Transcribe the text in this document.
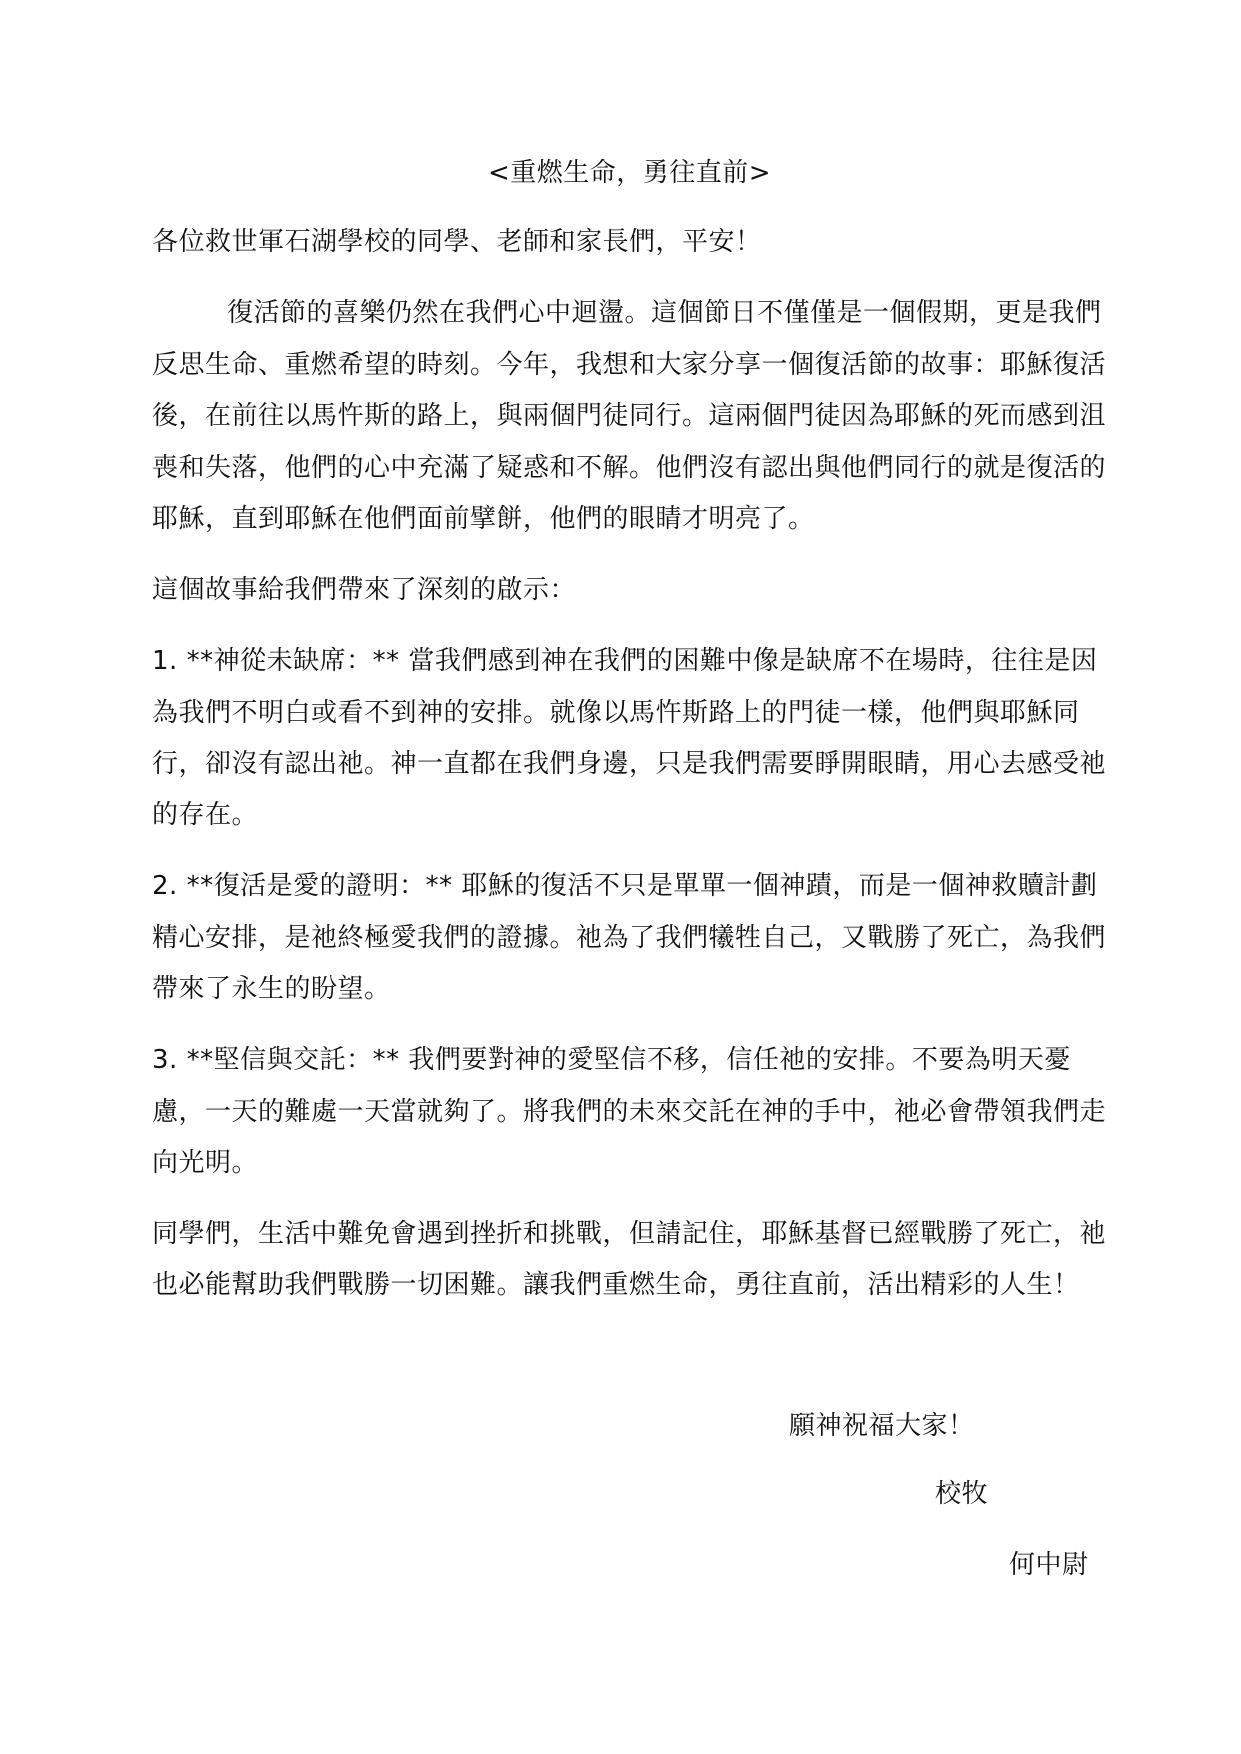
<重燃生命，勇往直前>
各位救世軍石湖學校的同學、老師和家長們，平安！
復活節的喜樂仍然在我們心中迴盪。這個節日不僅僅是一個假期，更是我們
反思生命、重燃希望的時刻。今年，我想和大家分享一個復活節的故事：耶穌復活
後，在前往以馬忤斯的路上，與兩個門徒同行。這兩個門徒因為耶穌的死而感到沮
喪和失落，他們的心中充滿了疑惑和不解。他們沒有認出與他們同行的就是復活的
耶穌，直到耶穌在他們面前擘餅，他們的眼睛才明亮了。
這個故事給我們帶來了深刻的啟示：
1. **神從未缺席：** 當我們感到神在我們的困難中像是缺席不在場時，往往是因
為我們不明白或看不到神的安排。就像以馬忤斯路上的門徒一樣，他們與耶穌同
行，卻沒有認出祂。神一直都在我們身邊，只是我們需要睜開眼睛，用心去感受祂
的存在。
2. **復活是愛的證明：** 耶穌的復活不只是單單一個神蹟，而是一個神救贖計劃
精心安排，是祂終極愛我們的證據。祂為了我們犧牲自己，又戰勝了死亡，為我們
帶來了永生的盼望。
3. **堅信與交託：** 我們要對神的愛堅信不移，信任祂的安排。不要為明天憂
慮，一天的難處一天當就夠了。將我們的未來交託在神的手中，祂必會帶領我們走
向光明。
同學們，生活中難免會遇到挫折和挑戰，但請記住，耶穌基督已經戰勝了死亡，祂
也必能幫助我們戰勝一切困難。讓我們重燃生命，勇往直前，活出精彩的人生！
願神祝福大家！
校牧
何中尉
